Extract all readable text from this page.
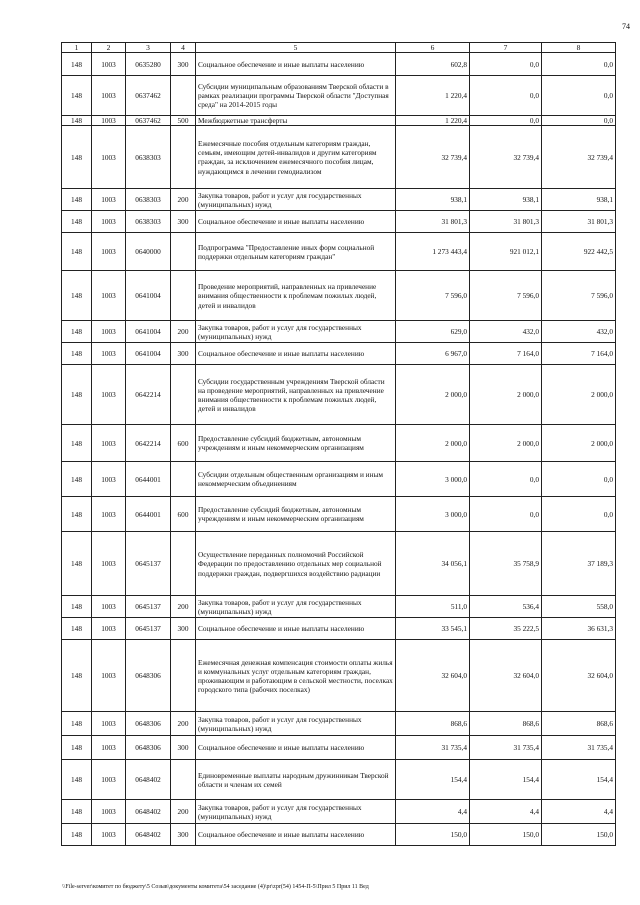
74
1	2	3	4	5	6	7	8
148	1003	0635280	300	Социальное обеспечение и иные выплаты населению	602,8	0,0	0,0
148	1003	0637462		Субсидии муниципальным образованиям Тверской области в рамках реализации программы Тверской области "Доступная среда" на 2014-2015 годы	1 220,4	0,0	0,0
148	1003	0637462	500	Межбюджетные трансферты	1 220,4	0,0	0,0
148	1003	0638303		Ежемесячные пособия отдельным категориям граждан, семьям, имеющим детей-инвалидов и другим категориям граждан, за исключением ежемесячного пособия лицам, нуждающимся в лечении гемодиализом	32 739,4	32 739,4	32 739,4
148	1003	0638303	200	Закупка товаров, работ и услуг для государственных (муниципальных) нужд	938,1	938,1	938,1
148	1003	0638303	300	Социальное обеспечение и иные выплаты населению	31 801,3	31 801,3	31 801,3
148	1003	0640000		Подпрограмма "Предоставление иных форм социальной поддержки отдельным категориям граждан"	1 273 443,4	921 012,1	922 442,5
148	1003	0641004		Проведение мероприятий, направленных на привлечение внимания общественности к проблемам пожилых людей, детей и инвалидов	7 596,0	7 596,0	7 596,0
148	1003	0641004	200	Закупка товаров, работ и услуг для государственных (муниципальных) нужд	629,0	432,0	432,0
148	1003	0641004	300	Социальное обеспечение и иные выплаты населению	6 967,0	7 164,0	7 164,0
148	1003	0642214		Субсидии государственным учреждениям Тверской области на проведение мероприятий, направленных на привлечение внимания общественности к проблемам пожилых людей, детей и инвалидов	2 000,0	2 000,0	2 000,0
148	1003	0642214	600	Предоставление субсидий бюджетным, автономным учреждениям и иным некоммерческим организациям	2 000,0	2 000,0	2 000,0
148	1003	0644001		Субсидии отдельным общественным организациям и иным некоммерческим объединениям	3 000,0	0,0	0,0
148	1003	0644001	600	Предоставление субсидий бюджетным, автономным учреждениям и иным некоммерческим организациям	3 000,0	0,0	0,0
148	1003	0645137		Осуществление переданных полномочий Российской Федерации по предоставлению отдельных мер социальной поддержки граждан, подвергшихся воздействию радиации	34 056,1	35 758,9	37 189,3
148	1003	0645137	200	Закупка товаров, работ и услуг для государственных (муниципальных) нужд	511,0	536,4	558,0
148	1003	0645137	300	Социальное обеспечение и иные выплаты населению	33 545,1	35 222,5	36 631,3
148	1003	0648306		Ежемесячная денежная компенсация стоимости оплаты жилья и коммунальных услуг отдельным категориям граждан, проживающим и работающим в сельской местности, поселках городского типа (рабочих поселках)	32 604,0	32 604,0	32 604,0
148	1003	0648306	200	Закупка товаров, работ и услуг для государственных (муниципальных) нужд	868,6	868,6	868,6
148	1003	0648306	300	Социальное обеспечение и иные выплаты населению	31 735,4	31 735,4	31 735,4
148	1003	0648402		Единовременные выплаты народным дружинникам Тверской области и членам их семей	154,4	154,4	154,4
148	1003	0648402	200	Закупка товаров, работ и услуг для государственных (муниципальных) нужд	4,4	4,4	4,4
148	1003	0648402	300	Социальное обеспечение и иные выплаты населению	150,0	150,0	150,0
\\File-server\комитет по бюджету\5 Созыв\документы комитета\54 заседание (4)\pr\zpr(54) 1454-П-5\Прил 5 Прил 11 Вед
